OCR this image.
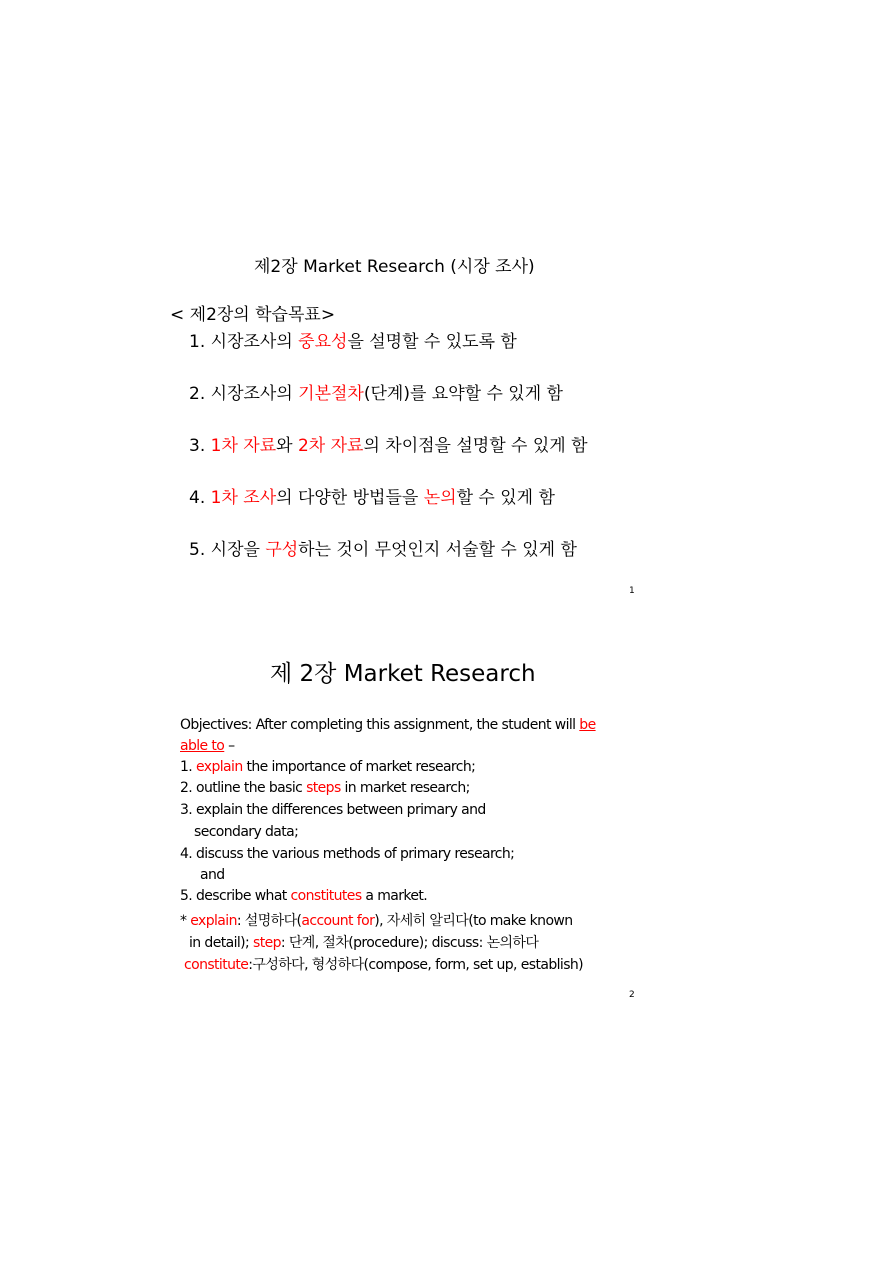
제2장 Market Research (시장 조사)
< 제2장의 학습목표>
1. 시장조사의 중요성을 설명할 수 있도록 함
2. 시장조사의 기본절차(단계)를 요약할 수 있게 함
3. 1차 자료와 2차 자료의 차이점을 설명할 수 있게 함
4. 1차 조사의 다양한 방법들을 논의할 수 있게 함
5. 시장을 구성하는 것이 무엇인지 서술할 수 있게 함
1
제 2장 Market Research
Objectives: After completing this assignment, the student will be
able to –
1. explain the importance of market research;
2. outline the basic steps in market research;
3. explain the differences between primary and
secondary data;
4. discuss the various methods of primary research;
and
5. describe what constitutes a market.
* explain: 설명하다(account for), 자세히 알리다(to make known
in detail); step: 단계, 절차(procedure); discuss: 논의하다
constitute:구성하다, 형성하다(compose, form, set up, establish)
2
